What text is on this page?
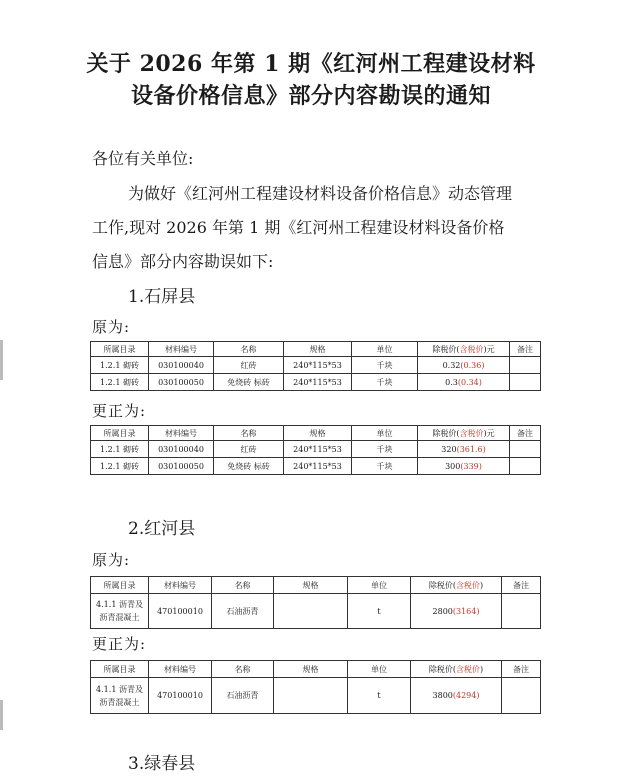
关于 2026 年第 1 期《红河州工程建设材料
设备价格信息》部分内容勘误的通知
各位有关单位:
为做好《红河州工程建设材料设备价格信息》动态管理
工作,现对 2026 年第 1 期《红河州工程建设材料设备价格
信息》部分内容勘误如下:
1.石屏县
原为:
所属目录	材料编号	名称	规格	单位	除税价(含税价)元	备注
1.2.1 砌砖	030100040	红砖	240*115*53	千块	0.32(0.36)	
1.2.1 砌砖	030100050	免烧砖 标砖	240*115*53	千块	0.3(0.34)	
更正为:
所属目录	材料编号	名称	规格	单位	除税价(含税价)元	备注
1.2.1 砌砖	030100040	红砖	240*115*53	千块	320(361.6)	
1.2.1 砌砖	030100050	免烧砖 标砖	240*115*53	千块	300(339)	
2.红河县
原为:
所属目录	材料编号	名称	规格	单位	除税价(含税价)	备注
4.1.1 沥青及沥青混凝土	470100010	石油沥青		t	2800(3164)	
更正为:
所属目录	材料编号	名称	规格	单位	除税价(含税价)	备注
4.1.1 沥青及沥青混凝土	470100010	石油沥青		t	3800(4294)	
3.绿春县
